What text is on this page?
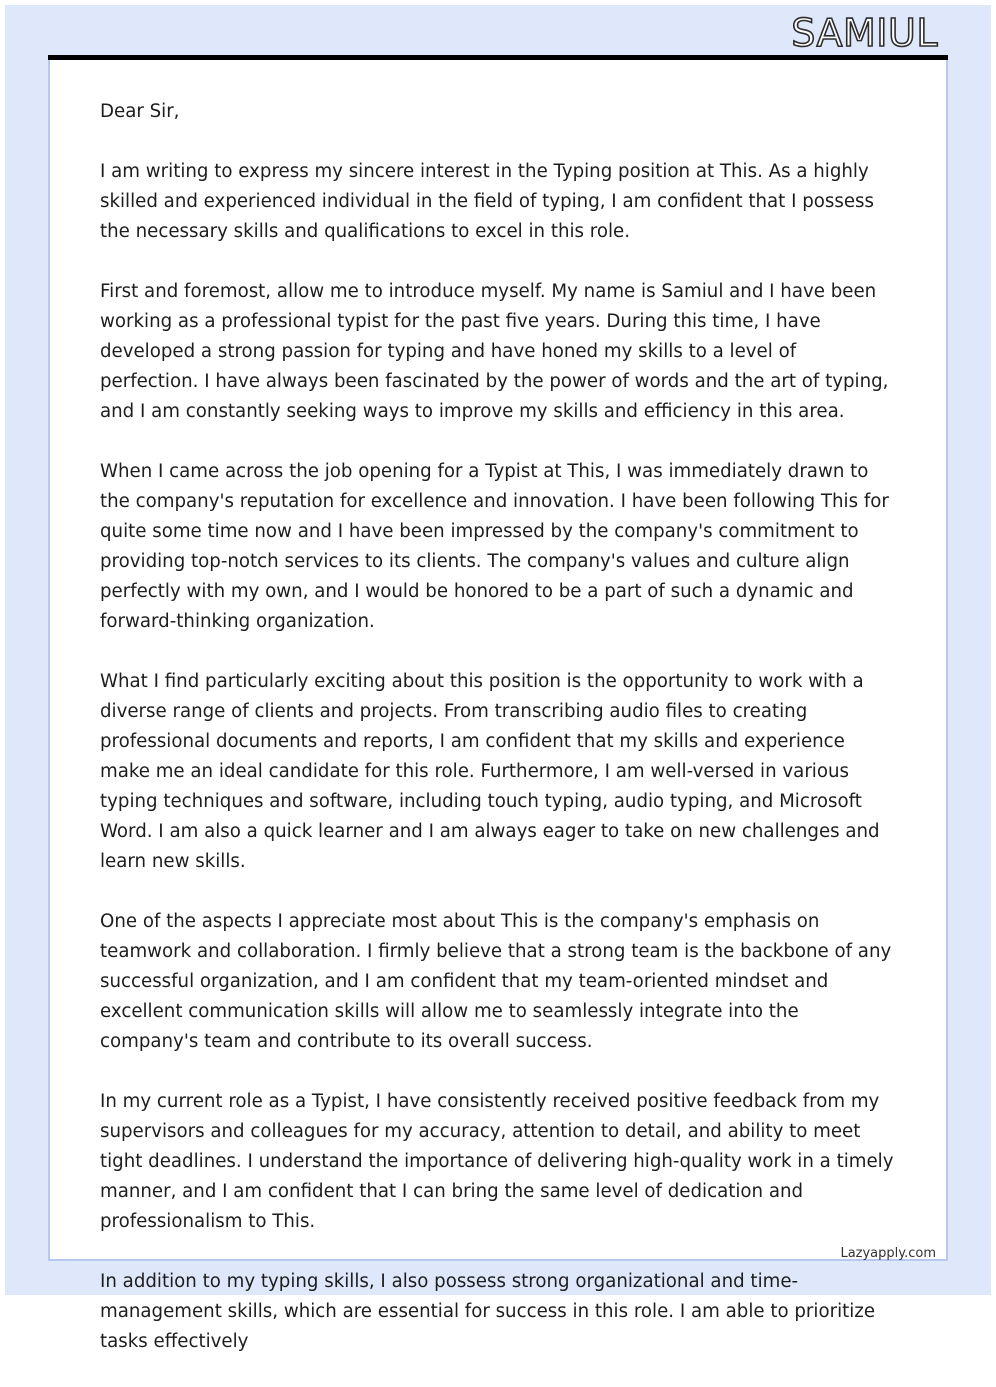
SAMIUL

Dear Sir,

I am writing to express my sincere interest in the Typing position at This. As a highly skilled and experienced individual in the field of typing, I am confident that I possess the necessary skills and qualifications to excel in this role.

First and foremost, allow me to introduce myself. My name is Samiul and I have been working as a professional typist for the past five years. During this time, I have developed a strong passion for typing and have honed my skills to a level of perfection. I have always been fascinated by the power of words and the art of typing, and I am constantly seeking ways to improve my skills and efficiency in this area.

When I came across the job opening for a Typist at This, I was immediately drawn to the company's reputation for excellence and innovation. I have been following This for quite some time now and I have been impressed by the company's commitment to providing top-notch services to its clients. The company's values and culture align perfectly with my own, and I would be honored to be a part of such a dynamic and forward-thinking organization.

What I find particularly exciting about this position is the opportunity to work with a diverse range of clients and projects. From transcribing audio files to creating professional documents and reports, I am confident that my skills and experience make me an ideal candidate for this role. Furthermore, I am well-versed in various typing techniques and software, including touch typing, audio typing, and Microsoft Word. I am also a quick learner and I am always eager to take on new challenges and learn new skills.

One of the aspects I appreciate most about This is the company's emphasis on teamwork and collaboration. I firmly believe that a strong team is the backbone of any successful organization, and I am confident that my team-oriented mindset and excellent communication skills will allow me to seamlessly integrate into the company's team and contribute to its overall success.

In my current role as a Typist, I have consistently received positive feedback from my supervisors and colleagues for my accuracy, attention to detail, and ability to meet tight deadlines. I understand the importance of delivering high-quality work in a timely manner, and I am confident that I can bring the same level of dedication and professionalism to This.

In addition to my typing skills, I also possess strong organizational and time-management skills, which are essential for success in this role. I am able to prioritize tasks effectively

Lazyapply.com
